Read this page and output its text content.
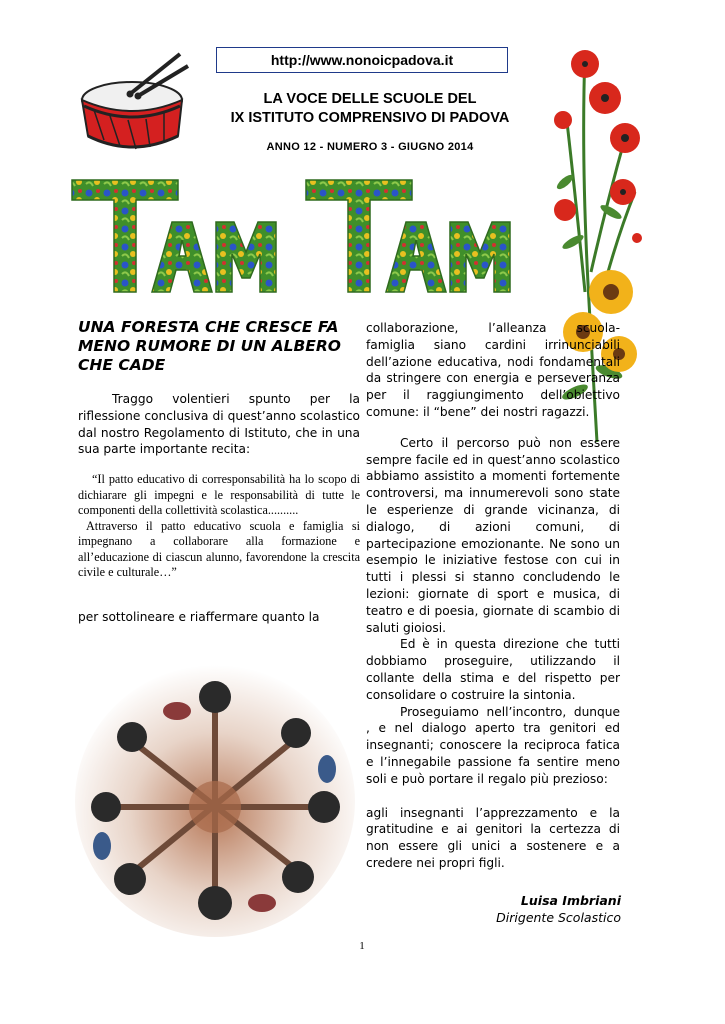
http://www.nonoicpadova.it
LA VOCE DELLE SCUOLE DEL
IX ISTITUTO COMPRENSIVO DI PADOVA
ANNO 12 - NUMERO 3 - GIUGNO 2014
UNA FORESTA CHE CRESCE FA MENO RUMORE DI UN ALBERO CHE CADE
Traggo volentieri spunto per la riflessione conclusiva di quest’anno scolastico dal nostro Regolamento di Istituto, che in una sua parte importante recita:
“Il patto educativo di corresponsabilità ha lo scopo di dichiarare gli impegni e le responsabilità di tutte le componenti della collettività scolastica..........
Attraverso il patto educativo scuola e famiglia si impegnano a collaborare alla formazione e all’educazione di ciascun alunno, favorendone la crescita civile e culturale…”
per sottolineare e riaffermare quanto la

collaborazione, l’alleanza scuola- famiglia siano cardini irrinunciabili dell’azione educativa, nodi fondamentali da stringere con energia e perseveranza per il raggiungimento dell’obiettivo comune: il “bene” dei nostri ragazzi.

Certo il percorso può non essere sempre facile ed in quest’anno scolastico abbiamo assistito a momenti fortemente controversi, ma innumerevoli sono state le esperienze di grande vicinanza, di dialogo, di azioni comuni, di partecipazione emozionante. Ne sono un esempio le iniziative festose con cui in tutti i plessi si stanno concludendo le lezioni: giornate di sport e musica, di teatro e di poesia, giornate di scambio di saluti gioiosi.

Ed è in questa direzione che tutti dobbiamo proseguire, utilizzando il collante della stima e del rispetto per consolidare o costruire la sintonia.

Proseguiamo nell’incontro, dunque , e nel dialogo aperto tra genitori ed insegnanti; conoscere la reciproca fatica e l’innegabile passione fa sentire meno soli e può portare il regalo più prezioso:

agli insegnanti l’apprezzamento e la gratitudine e ai genitori la certezza di non essere gli unici a sostenere e a credere nei propri figli.

Luisa Imbriani
Dirigente Scolastico
1
